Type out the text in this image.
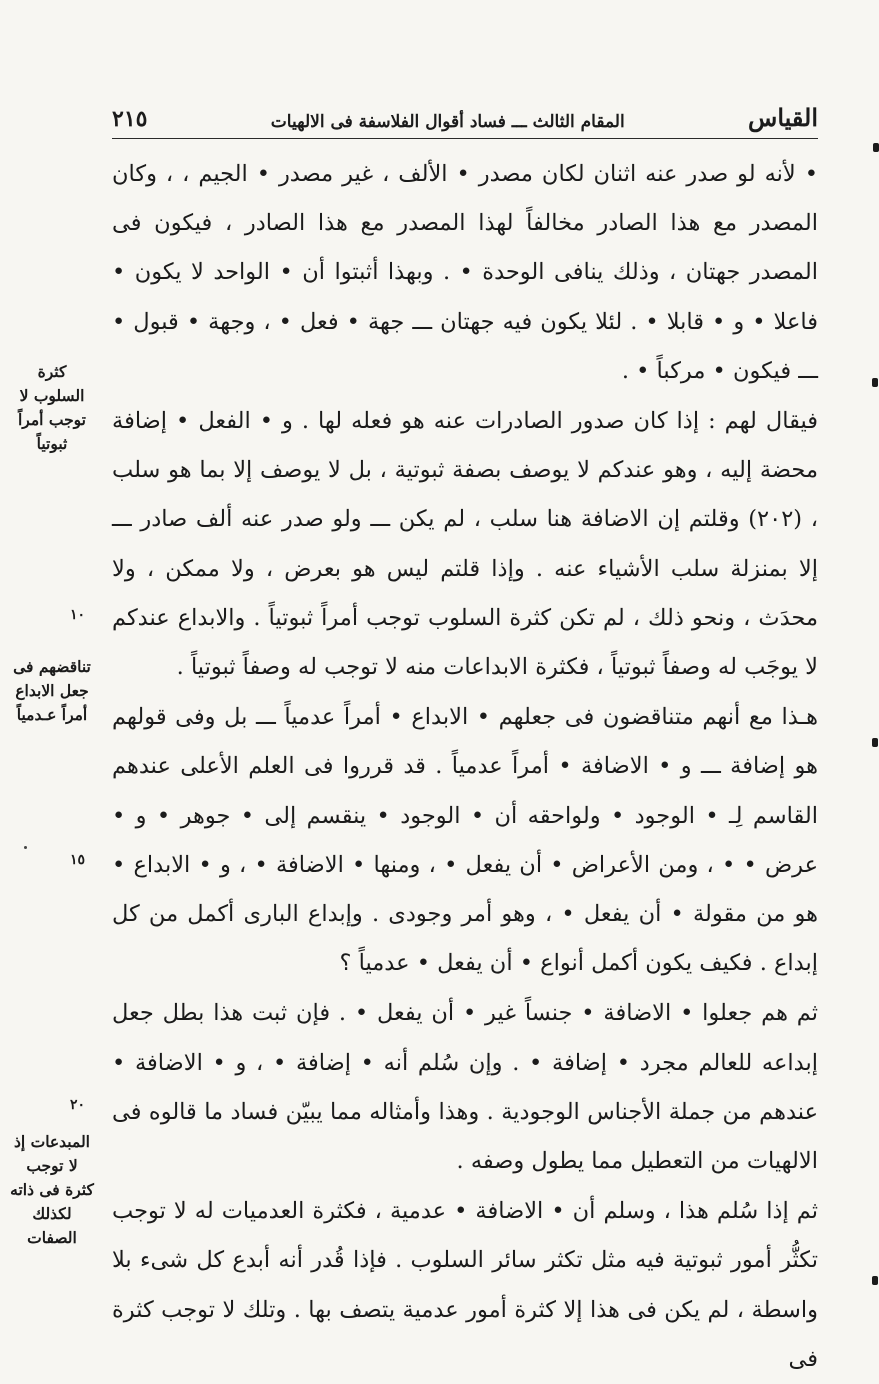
القياس
المقام الثالث ـــ فساد أقوال الفلاسفة فى الالهيات
٢١٥

• لأنه لو صدر عنه اثنان لكان مصدر • الألف ، غير مصدر • الجيم ، ، وكان المصدر مع هذا الصادر مخالفاً لهذا المصدر مع هذا الصادر ، فيكون فى المصدر جهتان ، وذلك ينافى الوحدة • . وبهذا أثبتوا أن • الواحد لا يكون • فاعلا • و • قابلا • . لئلا يكون فيه جهتان ـــ جهة • فعل • ، وجهة • قبول • ـــ فيكون • مركباً • .

فيقال لهم : إذا كان صدور الصادرات عنه هو فعله لها . و • الفعل • إضافة محضة إليه ، وهو عندكم لا يوصف بصفة ثبوتية ، بل لا يوصف إلا بما هو سلب ، (٢٠٢) وقلتم إن الاضافة هنا سلب ، لم يكن ـــ ولو صدر عنه ألف صادر ـــ إلا بمنزلة سلب الأشياء عنه . وإذا قلتم ليس هو بعرض ، ولا ممكن ، ولا محدَث ، ونحو ذلك ، لم تكن كثرة السلوب توجب أمراً ثبوتياً . والابداع عندكم لا يوجَب له وصفاً ثبوتياً ، فكثرة الابداعات منه لا توجب له وصفاً ثبوتياً .

هـذا مع أنهم متناقضون فى جعلهم • الابداع • أمراً عدمياً ـــ بل وفى قولهم هو إضافة ـــ و • الاضافة • أمراً عدمياً . قد قرروا فى العلم الأعلى عندهم القاسم لِـ • الوجود • ولواحقه أن • الوجود • ينقسم إلى • جوهر • و • عرض • • ، ومن الأعراض • أن يفعل • ، ومنها • الاضافة • ، و • الابداع • هو من مقولة • أن يفعل • ، وهو أمر وجودى . وإبداع البارى أكمل من كل إبداع . فكيف يكون أكمل أنواع • أن يفعل • عدمياً ؟

ثم هم جعلوا • الاضافة • جنساً غير • أن يفعل • . فإن ثبت هذا بطل جعل إبداعه للعالم مجرد • إضافة • . وإن سُلم أنه • إضافة • ، و • الاضافة • عندهم من جملة الأجناس الوجودية . وهذا وأمثاله مما يبيّن فساد ما قالوه فى الالهيات من التعطيل مما يطول وصفه .

ثم إذا سُلم هذا ، وسلم أن • الاضافة • عدمية ، فكثرة العدميات له لا توجب تكثُّر أمور ثبوتية فيه مثل تكثر سائر السلوب . فإذا قُدر أنه أبدع كل شىء بلا واسطة ، لم يكن فى هذا إلا كثرة أمور عدمية يتصف بها . وتلك لا توجب كثرة فى

كثرة السلوب لا توجب أمراً ثبوتياً
تناقضهم فى جعل الابداع أمراً عـدمياً
المبدعات إذ لا توجب كثرة فى ذاته لكذلك الصفات
١٠
١٥
٢٠
